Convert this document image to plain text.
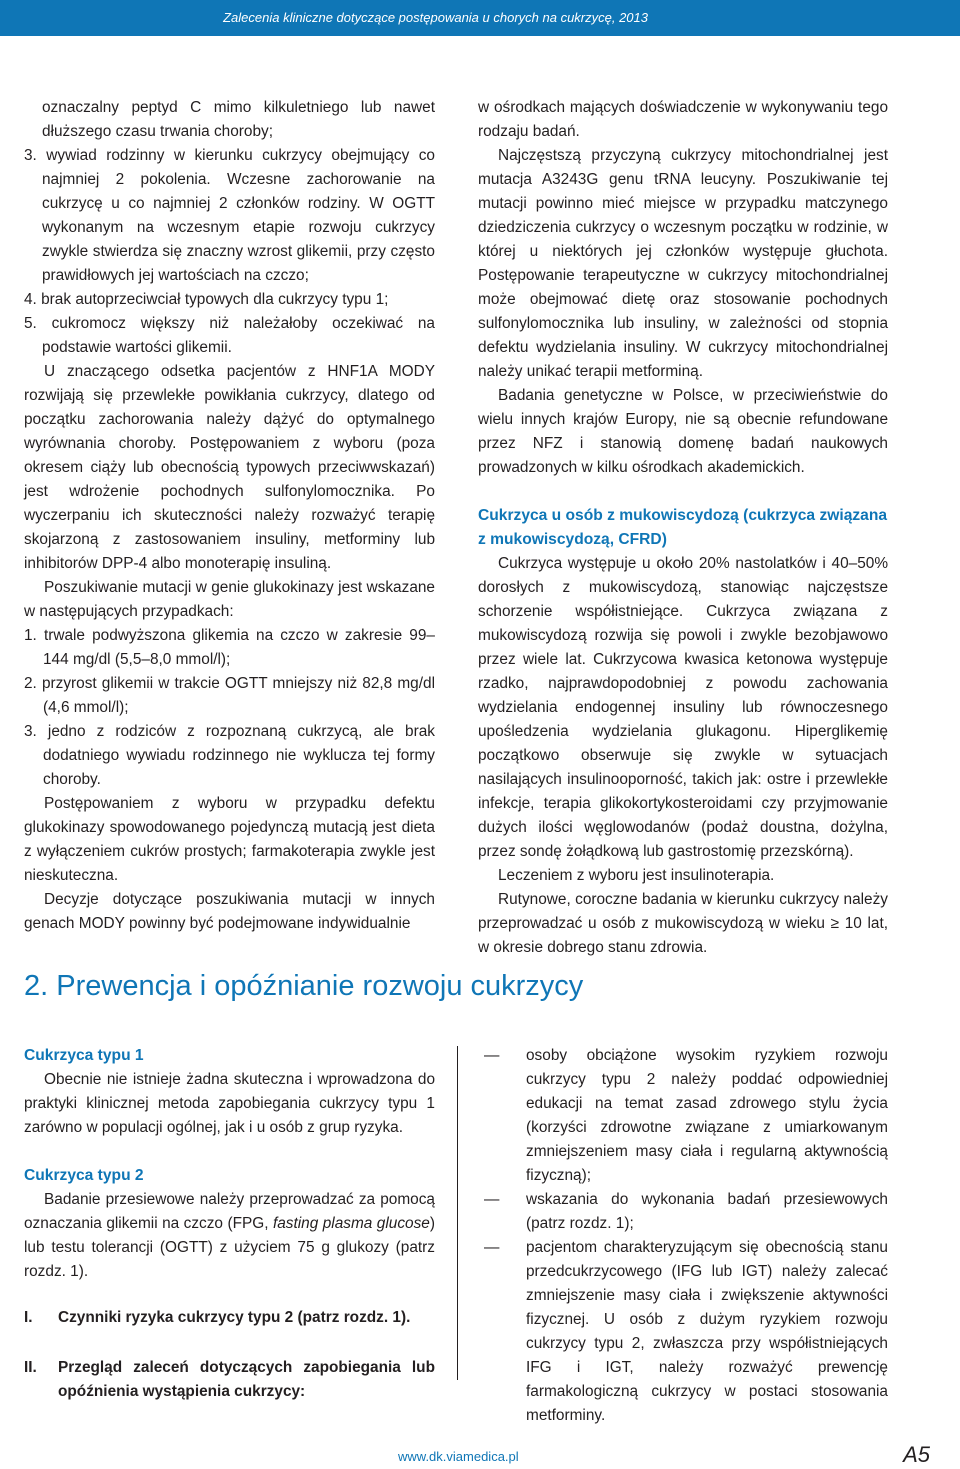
Zalecenia kliniczne dotyczące postępowania u chorych na cukrzycę, 2013

oznaczalny peptyd C mimo kilkuletniego lub nawet dłuższego czasu trwania choroby;

3. wywiad rodzinny w kierunku cukrzycy obejmujący co najmniej 2 pokolenia. Wczesne zachorowanie na cukrzycę u co najmniej 2 członków rodziny. W OGTT wykonanym na wczesnym etapie rozwoju cukrzycy zwykle stwierdza się znaczny wzrost glikemii, przy często prawidłowych jej wartościach na czczo;

4. brak autoprzeciwciał typowych dla cukrzycy typu 1;

5. cukromocz większy niż należałoby oczekiwać na podstawie wartości glikemii.

U znaczącego odsetka pacjentów z HNF1A MODY rozwijają się przewlekłe powikłania cukrzycy, dlatego od początku zachorowania należy dążyć do optymalnego wyrównania choroby. Postępowaniem z wyboru (poza okresem ciąży lub obecnością typowych przeciwwskazań) jest wdrożenie pochodnych sulfonylomocznika. Po wyczerpaniu ich skuteczności należy rozważyć terapię skojarzoną z zastosowaniem insuliny, metforminy lub inhibitorów DPP-4 albo monoterapię insuliną.

Poszukiwanie mutacji w genie glukokinazy jest wskazane w następujących przypadkach:

1. trwale podwyższona glikemia na czczo w zakresie 99–144 mg/dl (5,5–8,0 mmol/l);

2. przyrost glikemii w trakcie OGTT mniejszy niż 82,8 mg/dl (4,6 mmol/l);

3. jedno z rodziców z rozpoznaną cukrzycą, ale brak dodatniego wywiadu rodzinnego nie wyklucza tej formy choroby.

Postępowaniem z wyboru w przypadku defektu glukokinazy spowodowanego pojedynczą mutacją jest dieta z wyłączeniem cukrów prostych; farmakoterapia zwykle jest nieskuteczna.

Decyzje dotyczące poszukiwania mutacji w innych genach MODY powinny być podejmowane indywidualnie

w ośrodkach mających doświadczenie w wykonywaniu tego rodzaju badań.

Najczęstszą przyczyną cukrzycy mitochondrialnej jest mutacja A3243G genu tRNA leucyny. Poszukiwanie tej mutacji powinno mieć miejsce w przypadku matczynego dziedziczenia cukrzycy o wczesnym początku w rodzinie, w której u niektórych jej członków występuje głuchota. Postępowanie terapeutyczne w cukrzycy mitochondrialnej może obejmować dietę oraz stosowanie pochodnych sulfonylomocznika lub insuliny, w zależności od stopnia defektu wydzielania insuliny. W cukrzycy mitochondrialnej należy unikać terapii metforminą.

Badania genetyczne w Polsce, w przeciwieństwie do wielu innych krajów Europy, nie są obecnie refundowane przez NFZ i stanowią domenę badań naukowych prowadzonych w kilku ośrodkach akademickich.

Cukrzyca u osób z mukowiscydozą (cukrzyca związana z mukowiscydozą, CFRD)

Cukrzyca występuje u około 20% nastolatków i 40–50% dorosłych z mukowiscydozą, stanowiąc najczęstsze schorzenie współistniejące. Cukrzyca związana z mukowiscydozą rozwija się powoli i zwykle bezobjawowo przez wiele lat. Cukrzycowa kwasica ketonowa występuje rzadko, najprawdopodobniej z powodu zachowania wydzielania endogennej insuliny lub równoczesnego upośledzenia wydzielania glukagonu. Hiperglikemię początkowo obserwuje się zwykle w sytuacjach nasilających insulinooporność, takich jak: ostre i przewlekłe infekcje, terapia glikokortykosteroidami czy przyjmowanie dużych ilości węglowodanów (podaż doustna, dożylna, przez sondę żołądkową lub gastrostomię przezskórną).

Leczeniem z wyboru jest insulinoterapia.

Rutynowe, coroczne badania w kierunku cukrzycy należy przeprowadzać u osób z mukowiscydozą w wieku ≥ 10 lat, w okresie dobrego stanu zdrowia.

2. Prewencja i opóźnianie rozwoju cukrzycy

Cukrzyca typu 1

Obecnie nie istnieje żadna skuteczna i wprowadzona do praktyki klinicznej metoda zapobiegania cukrzycy typu 1 zarówno w populacji ogólnej, jak i u osób z grup ryzyka.

Cukrzyca typu 2

Badanie przesiewowe należy przeprowadzać za pomocą oznaczania glikemii na czczo (FPG, fasting plasma glucose) lub testu tolerancji (OGTT) z użyciem 75 g glukozy (patrz rozdz. 1).

I. Czynniki ryzyka cukrzycy typu 2 (patrz rozdz. 1).

II. Przegląd zaleceń dotyczących zapobiegania lub opóźnienia wystąpienia cukrzycy:

— osoby obciążone wysokim ryzykiem rozwoju cukrzycy typu 2 należy poddać odpowiedniej edukacji na temat zasad zdrowego stylu życia (korzyści zdrowotne związane z umiarkowanym zmniejszeniem masy ciała i regularną aktywnością fizyczną);

— wskazania do wykonania badań przesiewowych (patrz rozdz. 1);

— pacjentom charakteryzującym się obecnością stanu przedcukrzycowego (IFG lub IGT) należy zalecać zmniejszenie masy ciała i zwiększenie aktywności fizycznej. U osób z dużym ryzykiem rozwoju cukrzycy typu 2, zwłaszcza przy współistniejących IFG i IGT, należy rozważyć prewencję farmakologiczną cukrzycy w postaci stosowania metforminy.

www.dk.viamedica.pl	A5
